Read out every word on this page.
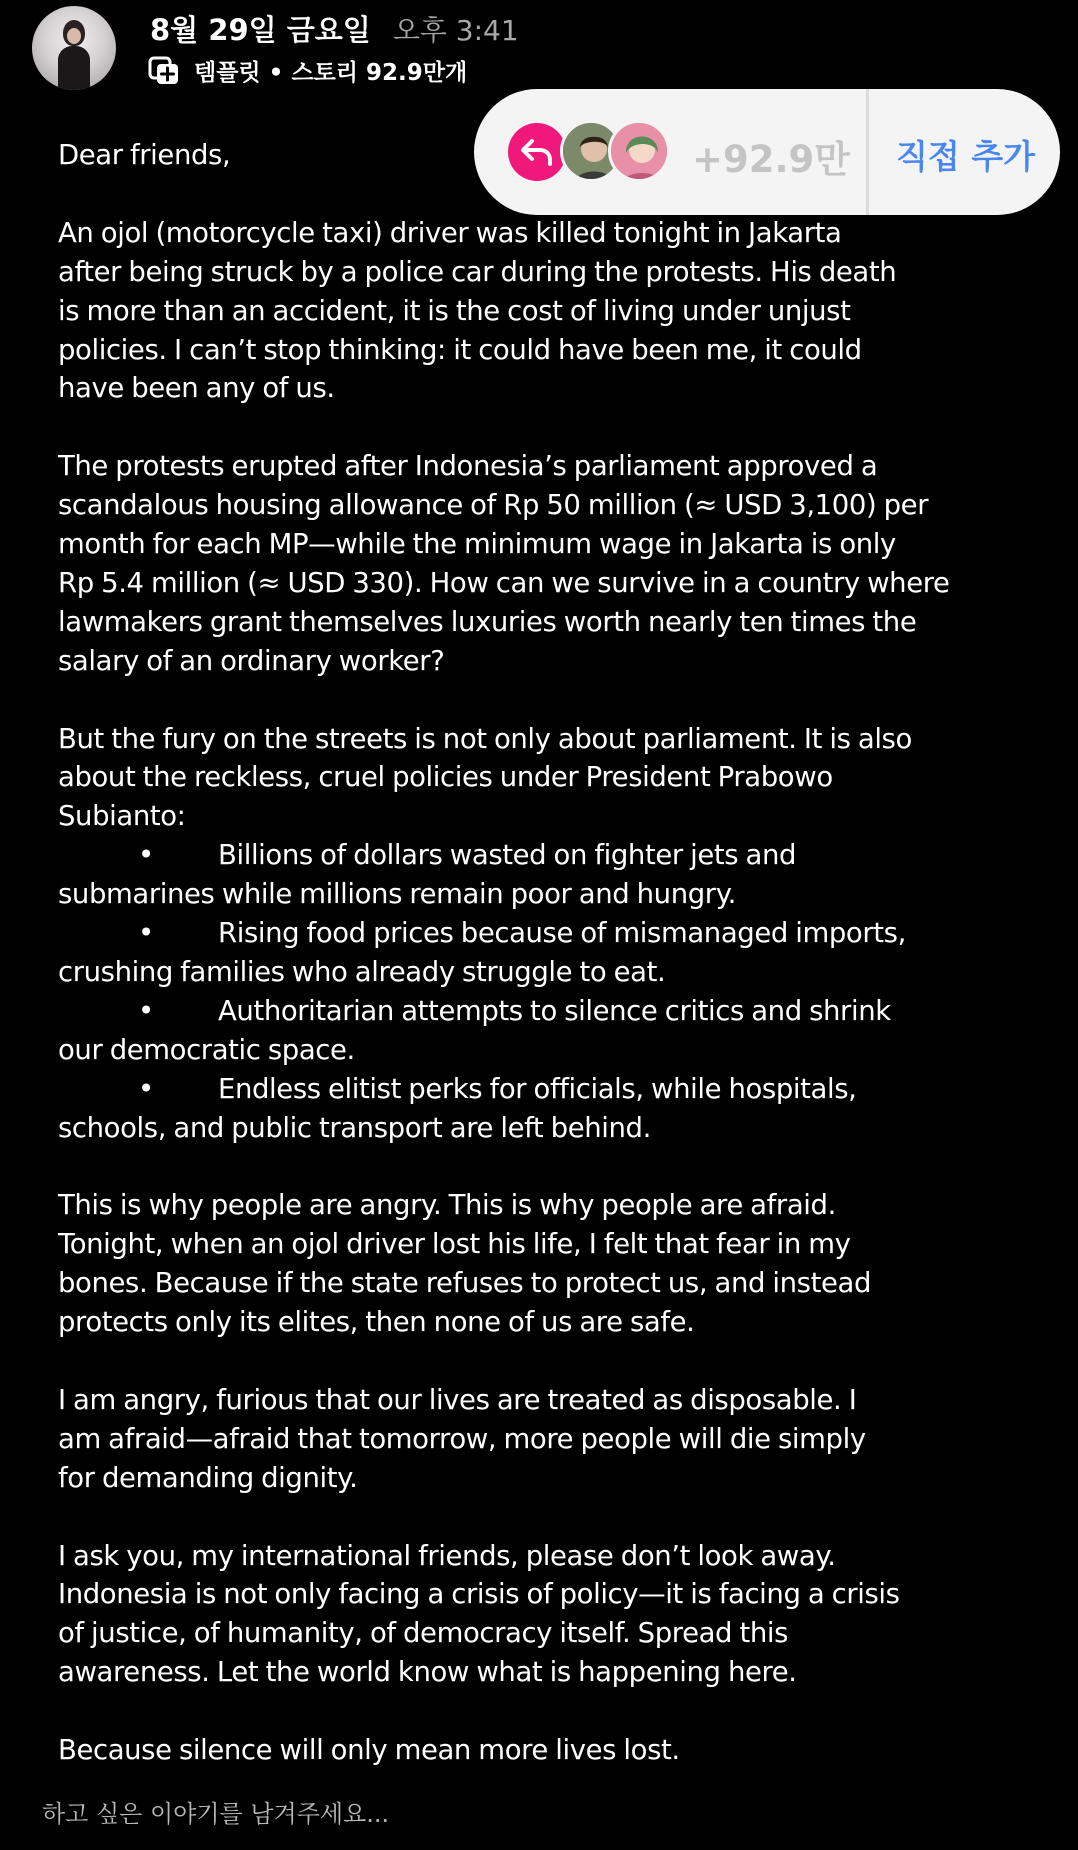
8월 29일 금요일 오후 3:41
템플릿 • 스토리 92.9만개
+92.9만 직접 추가

Dear friends,

An ojol (motorcycle taxi) driver was killed tonight in Jakarta

after being struck by a police car during the protests. His death

is more than an accident, it is the cost of living under unjust

policies. I can’t stop thinking: it could have been me, it could

have been any of us.

The protests erupted after Indonesia’s parliament approved a

scandalous housing allowance of Rp 50 million (≈ USD 3,100) per

month for each MP—while the minimum wage in Jakarta is only

Rp 5.4 million (≈ USD 330). How can we survive in a country where

lawmakers grant themselves luxuries worth nearly ten times the

salary of an ordinary worker?

But the fury on the streets is not only about parliament. It is also

about the reckless, cruel policies under President Prabowo

Subianto:

• Billions of dollars wasted on fighter jets and

submarines while millions remain poor and hungry.

• Rising food prices because of mismanaged imports,

crushing families who already struggle to eat.

• Authoritarian attempts to silence critics and shrink

our democratic space.

• Endless elitist perks for officials, while hospitals,

schools, and public transport are left behind.

This is why people are angry. This is why people are afraid.

Tonight, when an ojol driver lost his life, I felt that fear in my

bones. Because if the state refuses to protect us, and instead

protects only its elites, then none of us are safe.

I am angry, furious that our lives are treated as disposable. I

am afraid—afraid that tomorrow, more people will die simply

for demanding dignity.

I ask you, my international friends, please don’t look away.

Indonesia is not only facing a crisis of policy—it is facing a crisis

of justice, of humanity, of democracy itself. Spread this

awareness. Let the world know what is happening here.

Because silence will only mean more lives lost.

하고 싶은 이야기를 남겨주세요...
